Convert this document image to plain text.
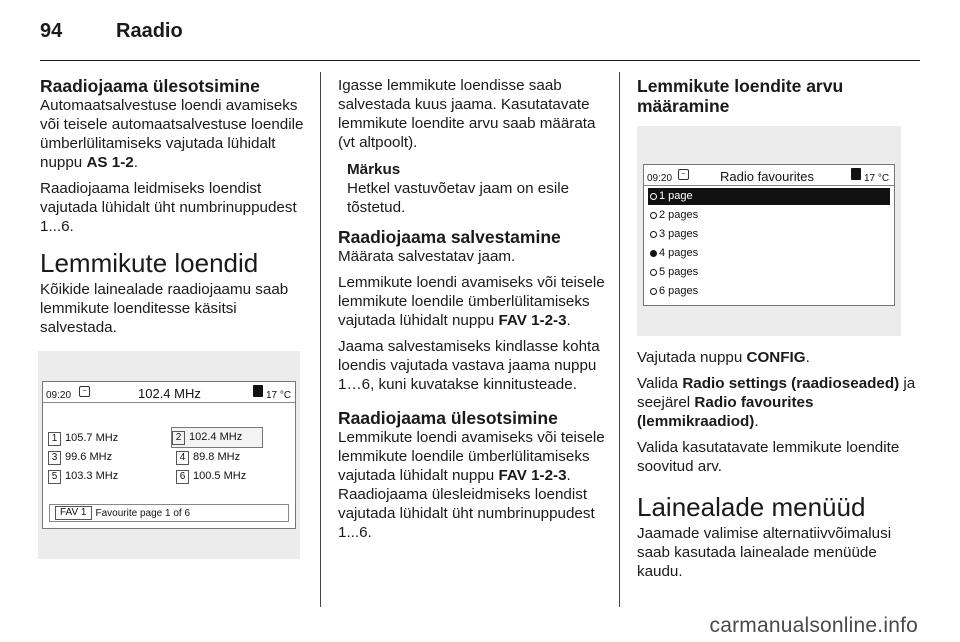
94	Raadio
Raadiojaama ülesotsimine

Automaatsalvestuse loendi avamiseks või teisele automaatsalvestuse loendile ümberlülitamiseks vajutada lühidalt nuppu AS 1-2.

Raadiojaama leidmiseks loendist vajutada lühidalt üht numbrinuppudest 1...6.

Lemmikute loendid

Kõikide lainealade raadiojaamu saab lemmikute loenditesse käsitsi salvestada.

09:20	~	102.4 MHz	17 °C
1 105.7 MHz	2 102.4 MHz
3 99.6 MHz	4 89.8 MHz
5 103.3 MHz	6 100.5 MHz
FAV 1 Favourite page 1 of 6

Igasse lemmikute loendisse saab salvestada kuus jaama. Kasutatavate lemmikute loendite arvu saab määrata (vt altpoolt).

Märkus
Hetkel vastuvõetav jaam on esile tõstetud.
Raadiojaama salvestamine

Määrata salvestatav jaam.

Lemmikute loendi avamiseks või teisele lemmikute loendile ümberlülitamiseks vajutada lühidalt nuppu FAV 1-2-3.

Jaama salvestamiseks kindlasse kohta loendis vajutada vastava jaama nuppu 1…6, kuni kuvatakse kinnitusteade.

Raadiojaama ülesotsimine

Lemmikute loendi avamiseks või teisele lemmikute loendile ümberlülitamiseks vajutada lühidalt nuppu FAV 1-2-3. Raadiojaama ülesleidmiseks loendist vajutada lühidalt üht numbrinuppudest 1...6.

Lemmikute loendite arvu määramine
09:20	~	Radio favourites	17 °C
1 page
2 pages
3 pages
4 pages
5 pages
6 pages

Vajutada nuppu CONFIG.

Valida Radio settings (raadioseaded) ja seejärel Radio favourites (lemmikraadiod).

Valida kasutatavate lemmikute loendite soovitud arv.

Lainealade menüüd

Jaamade valimise alternatiivvõimalusi saab kasutada lainealade menüüde kaudu.

carmanualsonline.info
